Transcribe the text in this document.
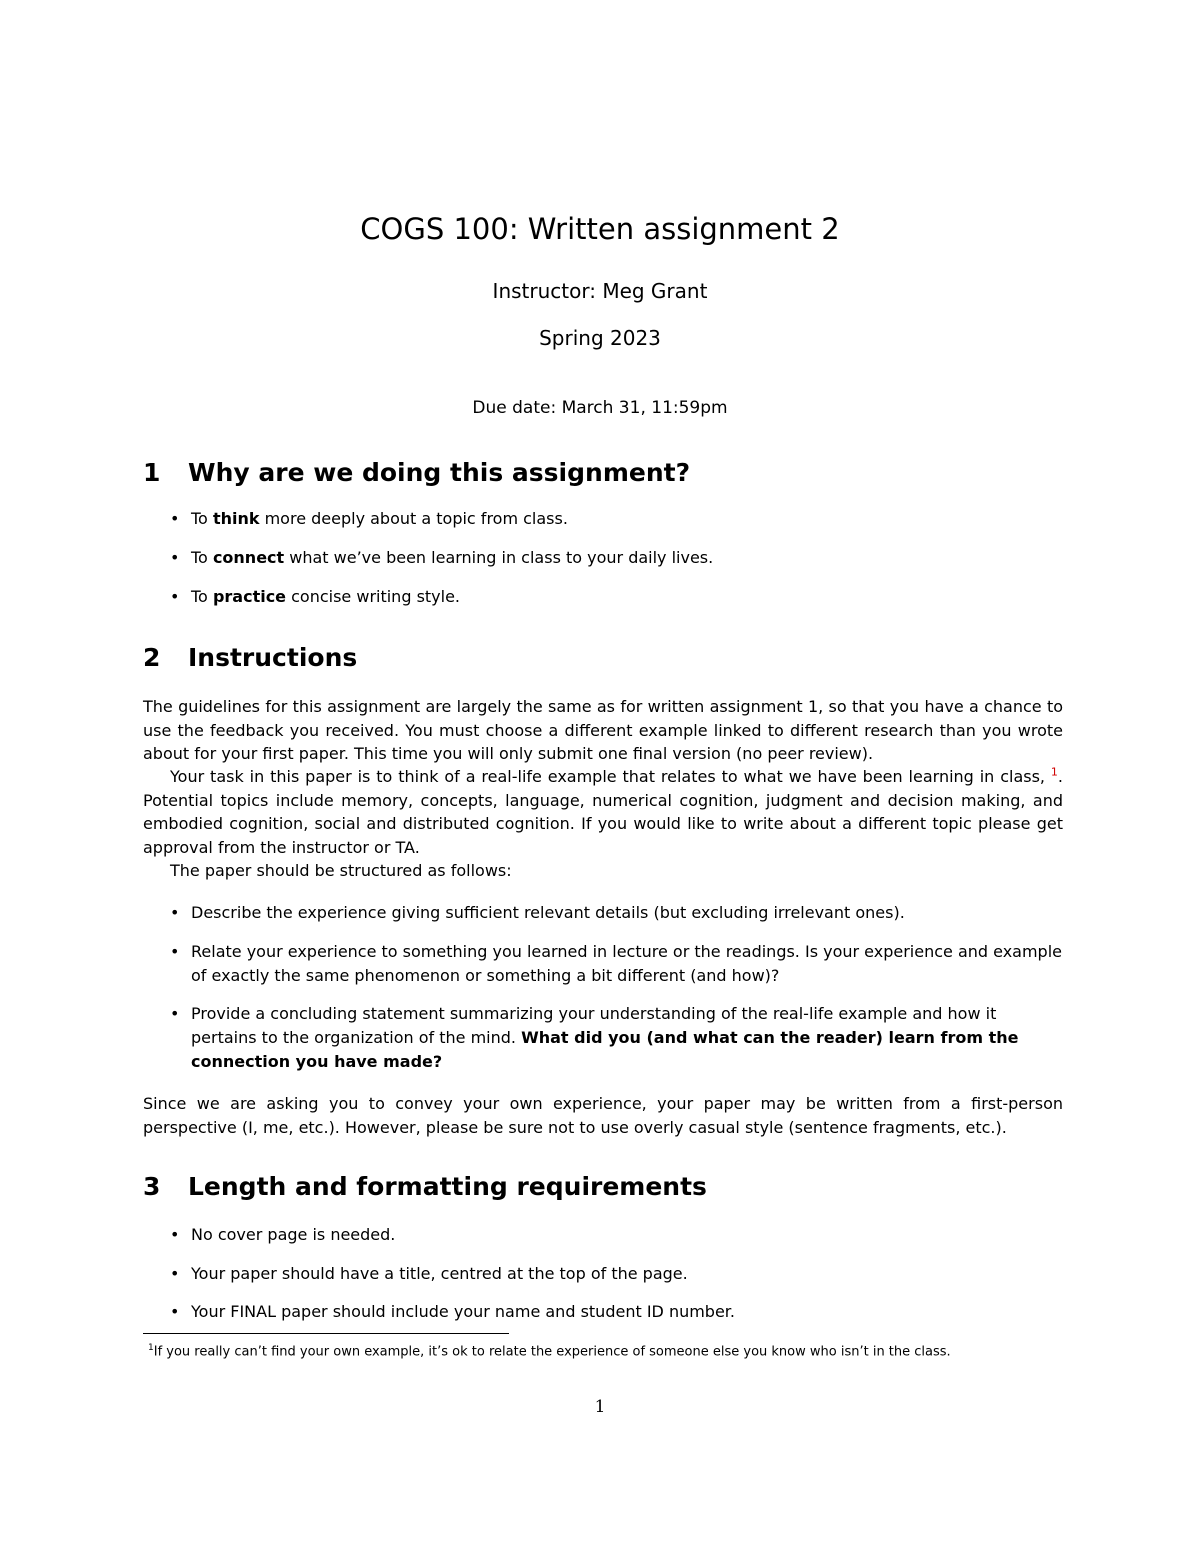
COGS 100: Written assignment 2
Instructor: Meg Grant
Spring 2023
Due date: March 31, 11:59pm
1 Why are we doing this assignment?
• To think more deeply about a topic from class.
• To connect what we’ve been learning in class to your daily lives.
• To practice concise writing style.
2 Instructions
The guidelines for this assignment are largely the same as for written assignment 1, so that you have a chance to use the feedback you received. You must choose a different example linked to different research than you wrote about for your first paper. This time you will only submit one final version (no peer review).
Your task in this paper is to think of a real-life example that relates to what we have been learning in class, $^1$. Potential topics include memory, concepts, language, numerical cognition, judgment and decision making, and embodied cognition, social and distributed cognition. If you would like to write about a different topic please get approval from the instructor or TA.
The paper should be structured as follows:
• Describe the experience giving sufficient relevant details (but excluding irrelevant ones).
• Relate your experience to something you learned in lecture or the readings. Is your experience and example of exactly the same phenomenon or something a bit different (and how)?
• Provide a concluding statement summarizing your understanding of the real-life example and how it pertains to the organization of the mind. What did you (and what can the reader) learn from the connection you have made?
Since we are asking you to convey your own experience, your paper may be written from a first-person perspective (I, me, etc.). However, please be sure not to use overly casual style (sentence fragments, etc.).
3 Length and formatting requirements
• No cover page is needed.
• Your paper should have a title, centred at the top of the page.
• Your FINAL paper should include your name and student ID number.
$^1$If you really can’t find your own example, it’s ok to relate the experience of someone else you know who isn’t in the class.
1
